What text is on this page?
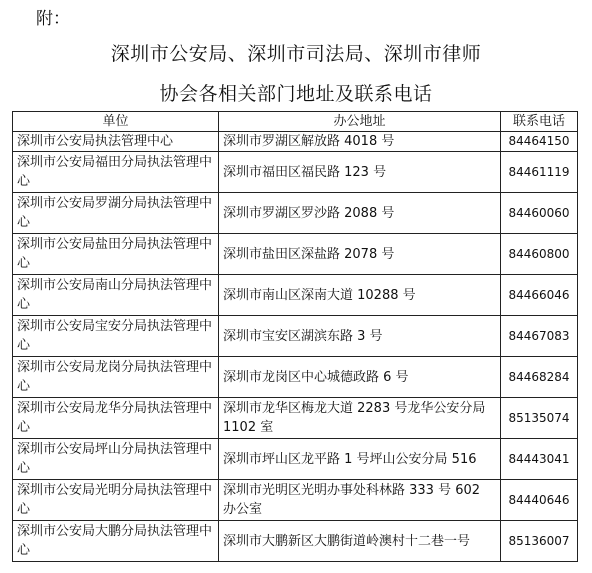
附：
深圳市公安局、深圳市司法局、深圳市律师
协会各相关部门地址及联系电话
单位	办公地址	联系电话
深圳市公安局执法管理中心	深圳市罗湖区解放路 4018 号	84464150
深圳市公安局福田分局执法管理中心	深圳市福田区福民路 123 号	84461119
深圳市公安局罗湖分局执法管理中心	深圳市罗湖区罗沙路 2088 号	84460060
深圳市公安局盐田分局执法管理中心	深圳市盐田区深盐路 2078 号	84460800
深圳市公安局南山分局执法管理中心	深圳市南山区深南大道 10288 号	84466046
深圳市公安局宝安分局执法管理中心	深圳市宝安区湖滨东路 3 号	84467083
深圳市公安局龙岗分局执法管理中心	深圳市龙岗区中心城德政路 6 号	84468284
深圳市公安局龙华分局执法管理中心	深圳市龙华区梅龙大道 2283 号龙华公安分局 1102 室	85135074
深圳市公安局坪山分局执法管理中心	深圳市坪山区龙平路 1 号坪山公安分局 516	84443041
深圳市公安局光明分局执法管理中心	深圳市光明区光明办事处科林路 333 号 602 办公室	84440646
深圳市公安局大鹏分局执法管理中心	深圳市大鹏新区大鹏街道岭澳村十二巷一号	85136007
